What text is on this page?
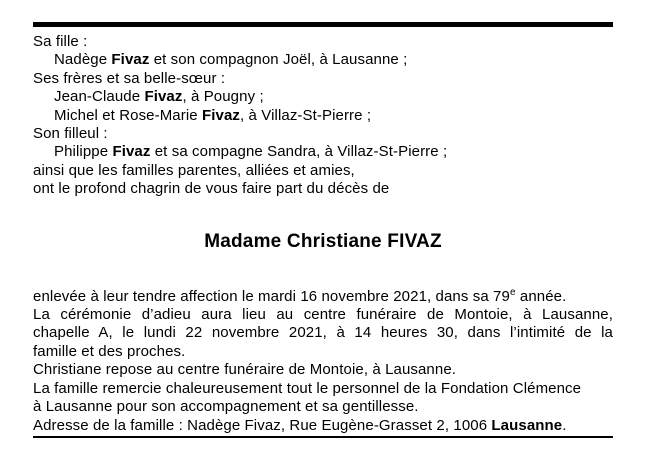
Sa fille :
Nadège Fivaz et son compagnon Joël, à Lausanne ;
Ses frères et sa belle-sœur :
Jean-Claude Fivaz, à Pougny ;
Michel et Rose-Marie Fivaz, à Villaz-St-Pierre ;
Son filleul :
Philippe Fivaz et sa compagne Sandra, à Villaz-St-Pierre ;
ainsi que les familles parentes, alliées et amies,
ont le profond chagrin de vous faire part du décès de
Madame Christiane FIVAZ
enlevée à leur tendre affection le mardi 16 novembre 2021, dans sa 79e année.
La cérémonie d’adieu aura lieu au centre funéraire de Montoie, à Lausanne,
chapelle A, le lundi 22 novembre 2021, à 14 heures 30, dans l’intimité de la
famille et des proches.
Christiane repose au centre funéraire de Montoie, à Lausanne.
La famille remercie chaleureusement tout le personnel de la Fondation Clémence
à Lausanne pour son accompagnement et sa gentillesse.
Adresse de la famille : Nadège Fivaz, Rue Eugène-Grasset 2, 1006 Lausanne.
